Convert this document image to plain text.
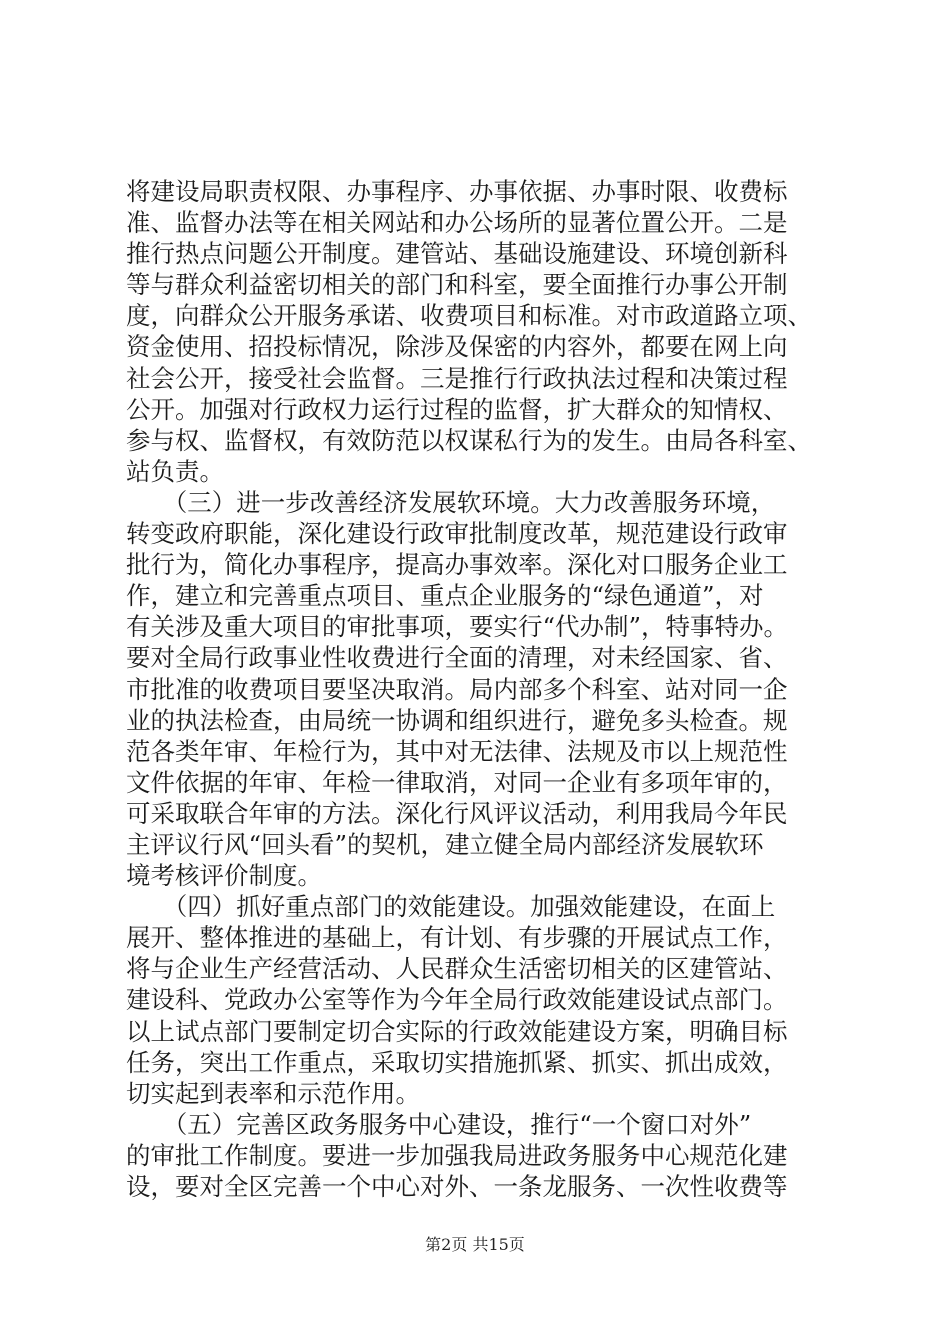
将建设局职责权限、办事程序、办事依据、办事时限、收费标
准、监督办法等在相关网站和办公场所的显著位置公开。二是
推行热点问题公开制度。建管站、基础设施建设、环境创新科
等与群众利益密切相关的部门和科室，要全面推行办事公开制
度，向群众公开服务承诺、收费项目和标准。对市政道路立项、
资金使用、招投标情况，除涉及保密的内容外，都要在网上向
社会公开，接受社会监督。三是推行行政执法过程和决策过程
公开。加强对行政权力运行过程的监督，扩大群众的知情权、
参与权、监督权，有效防范以权谋私行为的发生。由局各科室、
站负责。
　　（三）进一步改善经济发展软环境。大力改善服务环境，
转变政府职能，深化建设行政审批制度改革，规范建设行政审
批行为，简化办事程序，提高办事效率。深化对口服务企业工
作，建立和完善重点项目、重点企业服务的“绿色通道”，对
有关涉及重大项目的审批事项，要实行“代办制”，特事特办。
要对全局行政事业性收费进行全面的清理，对未经国家、省、
市批准的收费项目要坚决取消。局内部多个科室、站对同一企
业的执法检查，由局统一协调和组织进行，避免多头检查。规
范各类年审、年检行为，其中对无法律、法规及市以上规范性
文件依据的年审、年检一律取消，对同一企业有多项年审的，
可采取联合年审的方法。深化行风评议活动，利用我局今年民
主评议行风“回头看”的契机，建立健全局内部经济发展软环
境考核评价制度。
　　（四）抓好重点部门的效能建设。加强效能建设，在面上
展开、整体推进的基础上，有计划、有步骤的开展试点工作，
将与企业生产经营活动、人民群众生活密切相关的区建管站、
建设科、党政办公室等作为今年全局行政效能建设试点部门。
以上试点部门要制定切合实际的行政效能建设方案，明确目标
任务，突出工作重点，采取切实措施抓紧、抓实、抓出成效，
切实起到表率和示范作用。
　　（五）完善区政务服务中心建设，推行“一个窗口对外”
的审批工作制度。要进一步加强我局进政务服务中心规范化建
设，要对全区完善一个中心对外、一条龙服务、一次性收费等
第2页 共15页
